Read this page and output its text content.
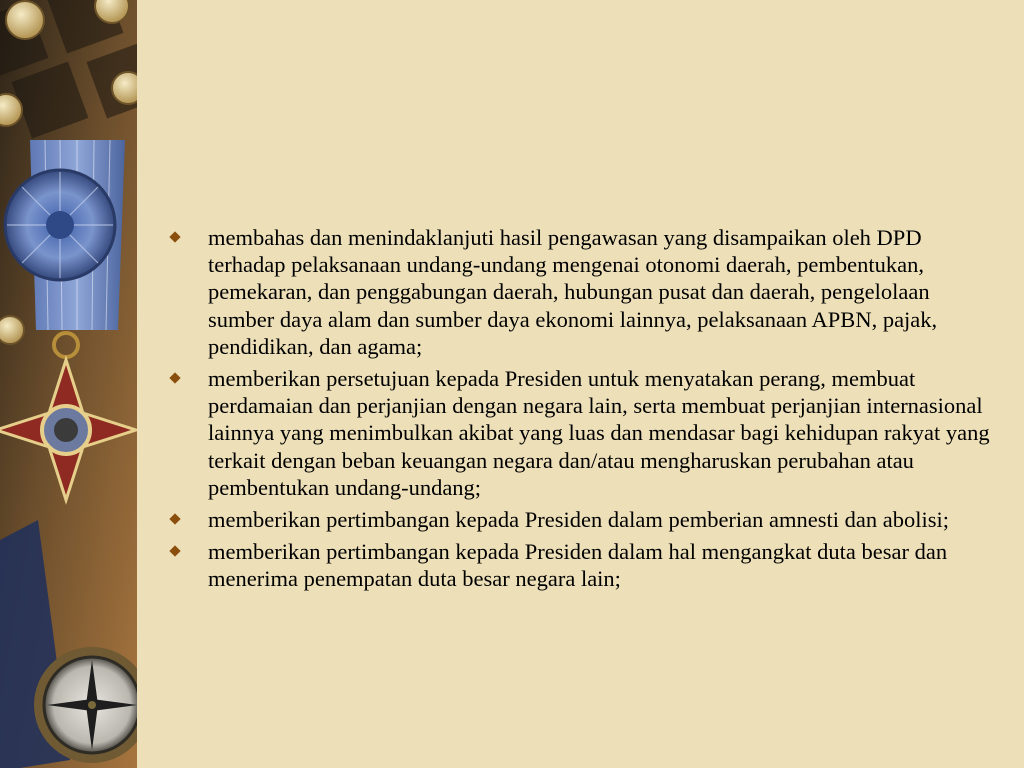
membahas dan menindaklanjuti hasil pengawasan yang disampaikan oleh DPD terhadap pelaksanaan undang-undang mengenai otonomi daerah, pembentukan, pemekaran, dan penggabungan daerah, hubungan pusat dan daerah, pengelolaan sumber daya alam dan sumber daya ekonomi lainnya, pelaksanaan APBN, pajak, pendidikan, dan agama;
memberikan persetujuan kepada Presiden untuk menyatakan perang, membuat perdamaian dan perjanjian dengan negara lain, serta membuat perjanjian internasional lainnya yang menimbulkan akibat yang luas dan mendasar bagi kehidupan rakyat yang terkait dengan beban keuangan negara dan/atau mengharuskan perubahan atau pembentukan undang-undang;
memberikan pertimbangan kepada Presiden dalam pemberian amnesti dan abolisi;
memberikan pertimbangan kepada Presiden dalam hal mengangkat duta besar dan menerima penempatan duta besar negara lain;
